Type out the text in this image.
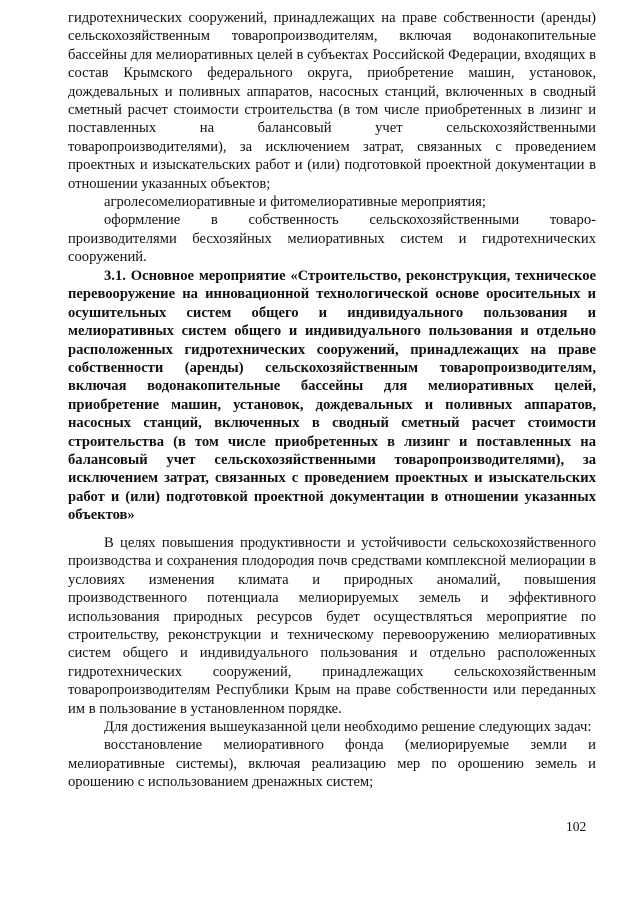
гидротехнических сооружений, принадлежащих на праве собственности (аренды) сельскохозяйственным товаропроизводителям, включая водонакопительные бассейны для мелиоративных целей в субъектах Российской Федерации, входящих в состав Крымского федерального округа, приобретение машин, установок, дождевальных и поливных аппаратов, насосных станций, включенных в сводный сметный расчет стоимости строительства (в том числе приобретенных в лизинг и поставленных на балансовый учет сельскохозяйственными товаропроизводителями), за исключением затрат, связанных с проведением проектных и изыскательских работ и (или) подготовкой проектной документации в отношении указанных объектов;

агролесомелиоративные и фитомелиоративные мероприятия;

оформление в собственность сельскохозяйственными товаро-производителями бесхозяйных мелиоративных систем и гидротехнических сооружений.

3.1. Основное мероприятие «Строительство, реконструкция, техническое перевооружение на инновационной технологической основе оросительных и осушительных систем общего и индивидуального пользования и мелиоративных систем общего и индивидуального пользования и отдельно расположенных гидротехнических сооружений, принадлежащих на праве собственности (аренды) сельскохозяйственным товаропроизводителям, включая водонакопительные бассейны для мелиоративных целей, приобретение машин, установок, дождевальных и поливных аппаратов, насосных станций, включенных в сводный сметный расчет стоимости строительства (в том числе приобретенных в лизинг и поставленных на балансовый учет сельскохозяйственными товаропроизводителями), за исключением затрат, связанных с проведением проектных и изыскательских работ и (или) подготовкой проектной документации в отношении указанных объектов»

В целях повышения продуктивности и устойчивости сельскохозяйственного производства и сохранения плодородия почв средствами комплексной мелиорации в условиях изменения климата и природных аномалий, повышения производственного потенциала мелиорируемых земель и эффективного использования природных ресурсов будет осуществляться мероприятие по строительству, реконструкции и техническому перевооружению мелиоративных систем общего и индивидуального пользования и отдельно расположенных гидротехнических сооружений, принадлежащих сельскохозяйственным товаропроизводителям Республики Крым на праве собственности или переданных им в пользование в установленном порядке.

Для достижения вышеуказанной цели необходимо решение следующих задач:

восстановление мелиоративного фонда (мелиорируемые земли и мелиоративные системы), включая реализацию мер по орошению земель и орошению с использованием дренажных систем;

102
